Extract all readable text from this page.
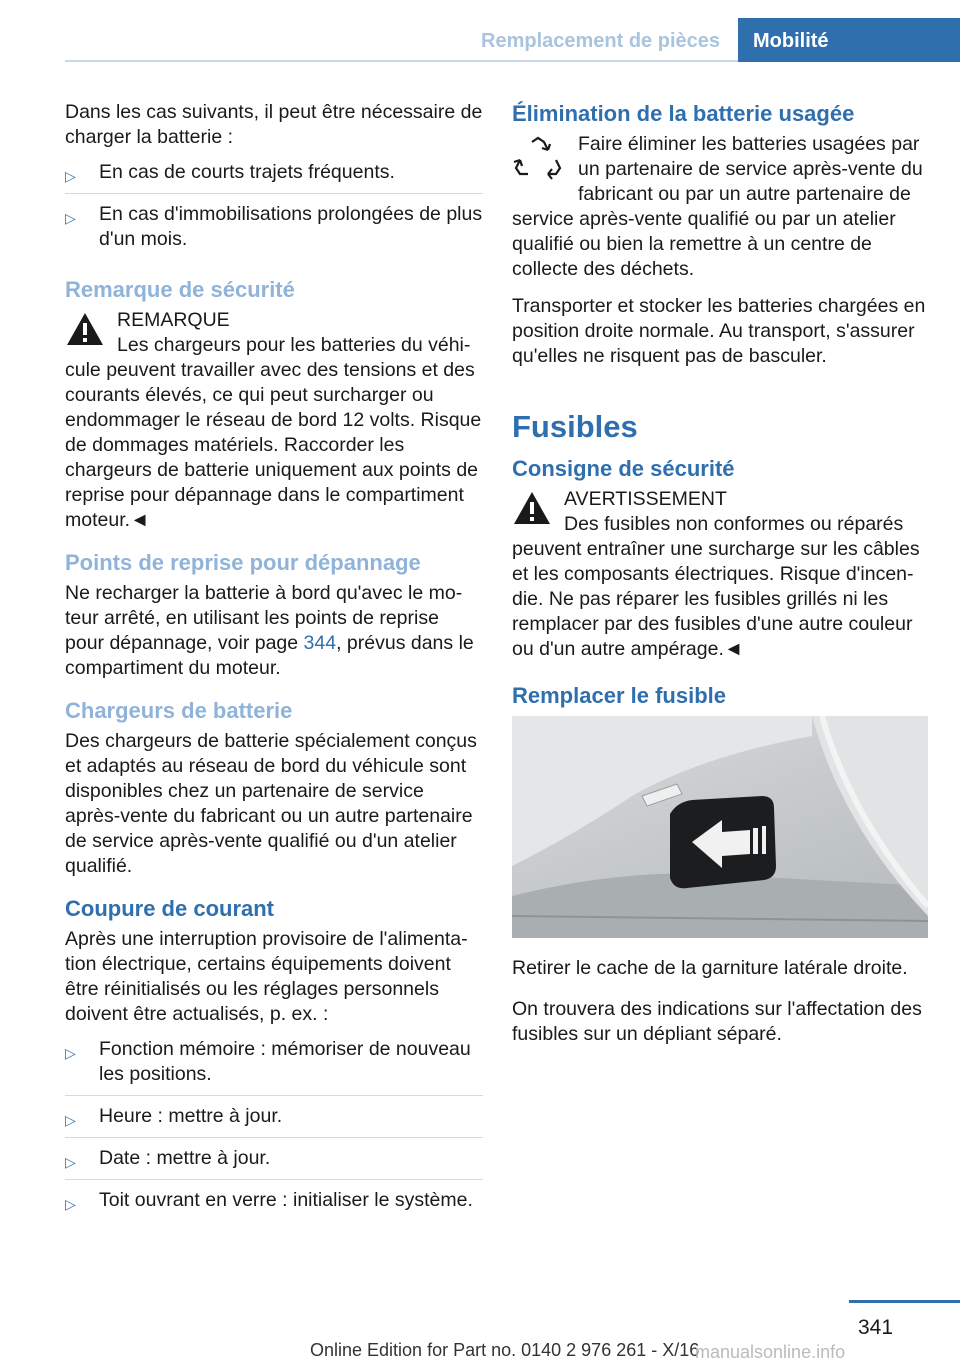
Remplacement de pièces Mobilité

Dans les cas suivants, il peut être nécessaire de charger la batterie :

▷ En cas de courts trajets fréquents.
▷ En cas d'immobilisations prolongées de plus d'un mois.
Remarque de sécurité
REMARQUE
Les chargeurs pour les batteries du véhicule peuvent travailler avec des tensions et des courants élevés, ce qui peut surcharger ou endommager le réseau de bord 12 volts. Risque de dommages matériels. Raccorder les chargeurs de batterie uniquement aux points de reprise pour dépannage dans le compartiment moteur.◄
Points de reprise pour dépannage

Ne recharger la batterie à bord qu'avec le moteur arrêté, en utilisant les points de reprise pour dépannage, voir page 344, prévus dans le compartiment du moteur.

Chargeurs de batterie

Des chargeurs de batterie spécialement conçus et adaptés au réseau de bord du véhicule sont disponibles chez un partenaire de service après-vente du fabricant ou un autre partenaire de service après-vente qualifié ou d'un atelier qualifié.

Coupure de courant

Après une interruption provisoire de l'alimentation électrique, certains équipements doivent être réinitialisés ou les réglages personnels doivent être actualisés, p. ex. :

▷ Fonction mémoire : mémoriser de nouveau les positions.
▷ Heure : mettre à jour.
▷ Date : mettre à jour.
▷ Toit ouvrant en verre : initialiser le système.
Élimination de la batterie usagée
Faire éliminer les batteries usagées par un partenaire de service après-vente du fabricant ou par un autre partenaire de service après-vente qualifié ou par un atelier qualifié ou bien la remettre à un centre de collecte des déchets.

Transporter et stocker les batteries chargées en position droite normale. Au transport, s'assurer qu'elles ne risquent pas de basculer.

Fusibles
Consigne de sécurité
AVERTISSEMENT
Des fusibles non conformes ou réparés peuvent entraîner une surcharge sur les câbles et les composants électriques. Risque d'incendie. Ne pas réparer les fusibles grillés ni les remplacer par des fusibles d'une autre couleur ou d'un autre ampérage.◄
Remplacer le fusible

Retirer le cache de la garniture latérale droite.

On trouvera des indications sur l'affectation des fusibles sur un dépliant séparé.

341
Online Edition for Part no. 0140 2 976 261 - X/16
manualsonline.info
